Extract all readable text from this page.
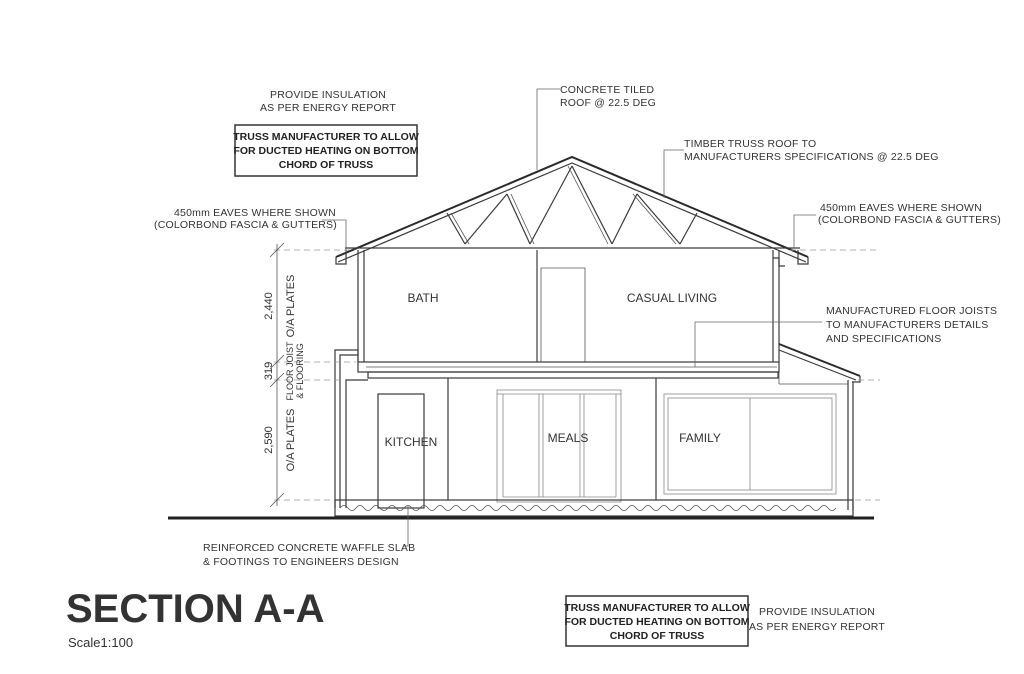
2,440 O/A PLATES
319 FLOOR JOIST & FLOORING
2,590 O/A PLATES
BATH	CASUAL LIVING
KITCHEN	MEALS	FAMILY
PROVIDE INSULATION
AS PER ENERGY REPORT
TRUSS MANUFACTURER TO ALLOW
FOR DUCTED HEATING ON BOTTOM
CHORD OF TRUSS
CONCRETE TILED
ROOF @ 22.5 DEG
TIMBER TRUSS ROOF TO
MANUFACTURERS SPECIFICATIONS @ 22.5 DEG
450mm EAVES WHERE SHOWN
(COLORBOND FASCIA & GUTTERS)
450mm EAVES WHERE SHOWN
(COLORBOND FASCIA & GUTTERS)
MANUFACTURED FLOOR JOISTS
TO MANUFACTURERS DETAILS
AND SPECIFICATIONS
REINFORCED CONCRETE WAFFLE SLAB
& FOOTINGS TO ENGINEERS DESIGN
TRUSS MANUFACTURER TO ALLOW
FOR DUCTED HEATING ON BOTTOM
CHORD OF TRUSS
PROVIDE INSULATION
AS PER ENERGY REPORT
SECTION A-A
Scale1:100
